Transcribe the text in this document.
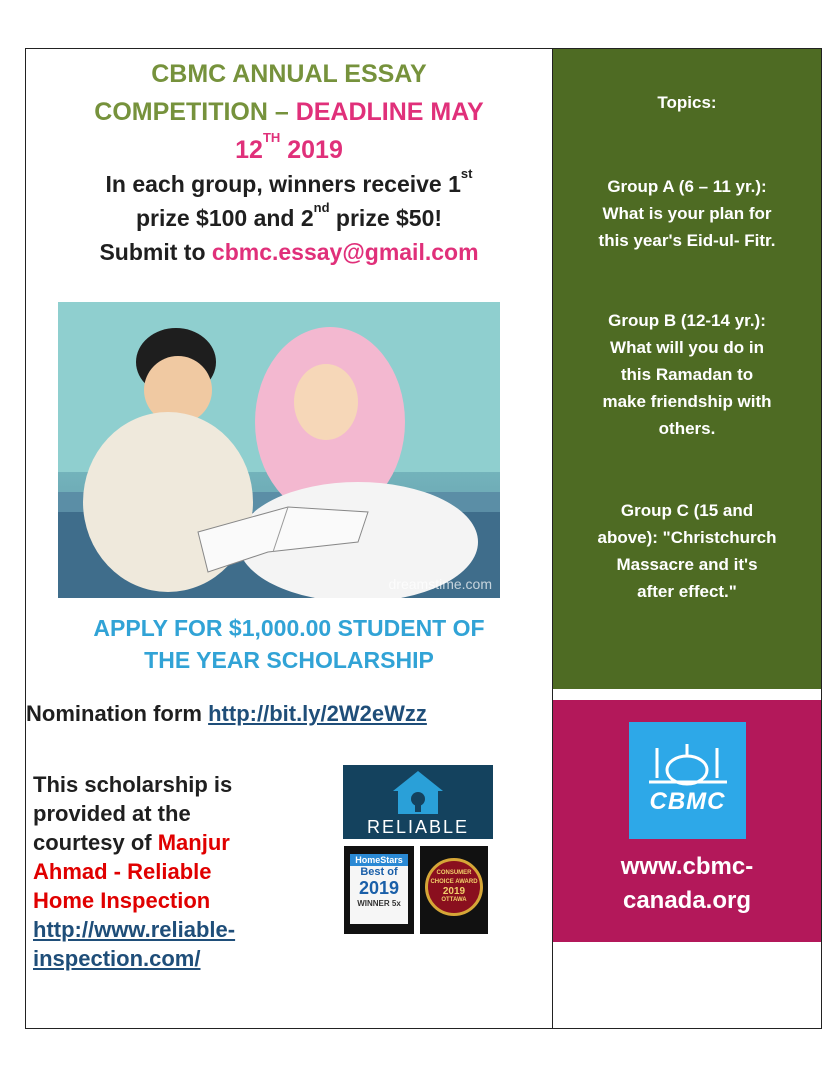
CBMC ANNUAL ESSAY
COMPETITION – DEADLINE MAY
12TH 2019
In each group, winners receive 1st
prize $100 and 2nd prize $50!
Submit to cbmc.essay@gmail.com
dreamstime.com
APPLY FOR $1,000.00 STUDENT OF
THE YEAR SCHOLARSHIP
Nomination form http://bit.ly/2W2eWzz
This scholarship is
provided at the
courtesy of Manjur
Ahmad - Reliable
Home Inspection
http://www.reliable-
inspection.com/
RELIABLE
HomeStars
Best of
2019
WINNER 5x
CONSUMER
CHOICE AWARD
2019
OTTAWA
Topics:
Group A (6 – 11 yr.):
What is your plan for
this year's Eid-ul- Fitr.
Group B (12-14 yr.):
What will you do in
this Ramadan to
make friendship with
others.
Group C (15 and
above): "Christchurch
Massacre and it's
after effect."
CBMC
www.cbmc-
canada.org
